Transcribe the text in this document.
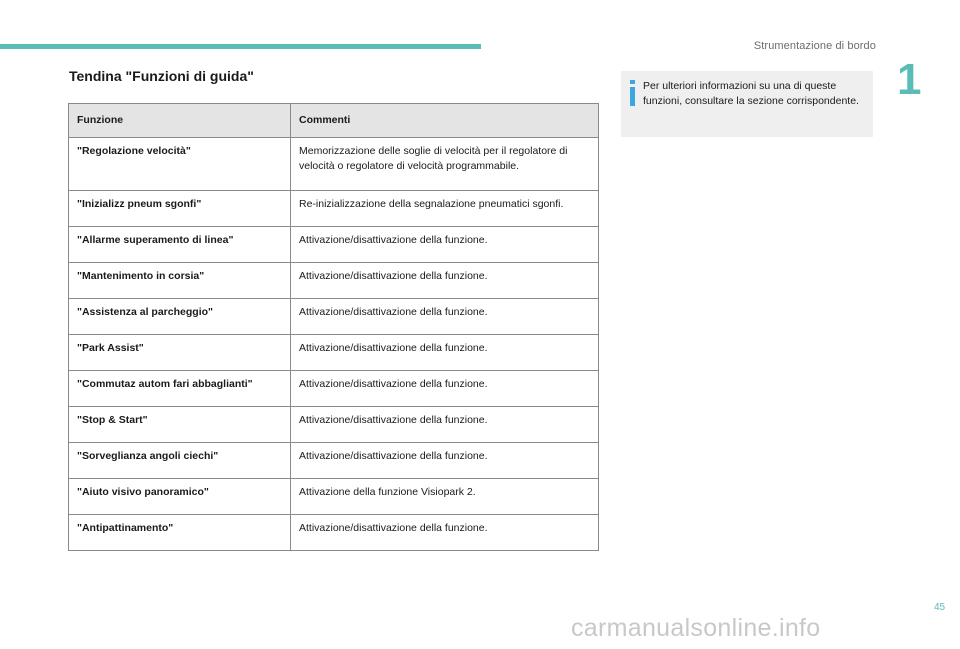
Strumentazione di bordo
1
Tendina "Funzioni di guida"
Funzione	Commenti
"Regolazione velocità"	Memorizzazione delle soglie di velocità per il regolatore di velocità o regolatore di velocità programmabile.
"Inizializz pneum sgonfi"	Re-inizializzazione della segnalazione pneumatici sgonfi.
"Allarme superamento di linea"	Attivazione/disattivazione della funzione.
"Mantenimento in corsia"	Attivazione/disattivazione della funzione.
"Assistenza al parcheggio"	Attivazione/disattivazione della funzione.
"Park Assist"	Attivazione/disattivazione della funzione.
"Commutaz autom fari abbaglianti"	Attivazione/disattivazione della funzione.
"Stop & Start"	Attivazione/disattivazione della funzione.
"Sorveglianza angoli ciechi"	Attivazione/disattivazione della funzione.
"Aiuto visivo panoramico"	Attivazione della funzione Visiopark 2.
"Antipattinamento"	Attivazione/disattivazione della funzione.
Per ulteriori informazioni su una di queste funzioni, consultare la sezione corrispondente.
45
carmanualsonline.info
